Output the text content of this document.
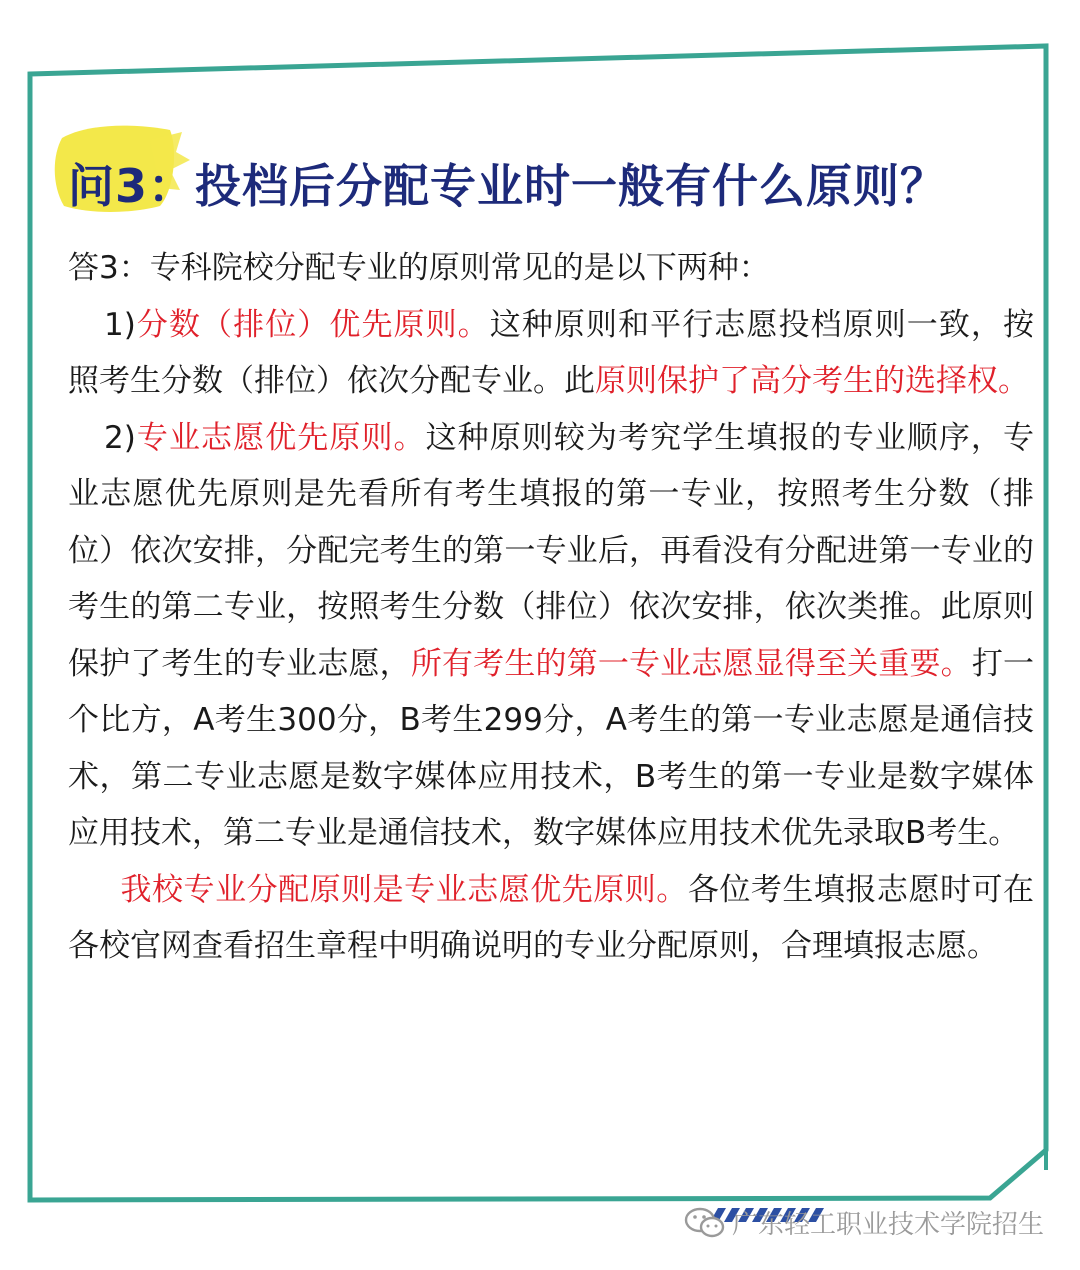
问3：投档后分配专业时一般有什么原则？

答3：专科院校分配专业的原则常见的是以下两种：

1)分数（排位）优先原则。这种原则和平行志愿投档原则一致，按照考生分数（排位）依次分配专业。此原则保护了高分考生的选择权。

2)专业志愿优先原则。这种原则较为考究学生填报的专业顺序，专业志愿优先原则是先看所有考生填报的第一专业，按照考生分数（排位）依次安排，分配完考生的第一专业后，再看没有分配进第一专业的考生的第二专业，按照考生分数（排位）依次安排，依次类推。此原则保护了考生的专业志愿，所有考生的第一专业志愿显得至关重要。打一个比方，A考生300分，B考生299分，A考生的第一专业志愿是通信技术，第二专业志愿是数字媒体应用技术，B考生的第一专业是数字媒体应用技术，第二专业是通信技术，数字媒体应用技术优先录取B考生。

我校专业分配原则是专业志愿优先原则。各位考生填报志愿时可在各校官网查看招生章程中明确说明的专业分配原则，合理填报志愿。

广东轻工职业技术学院招生
